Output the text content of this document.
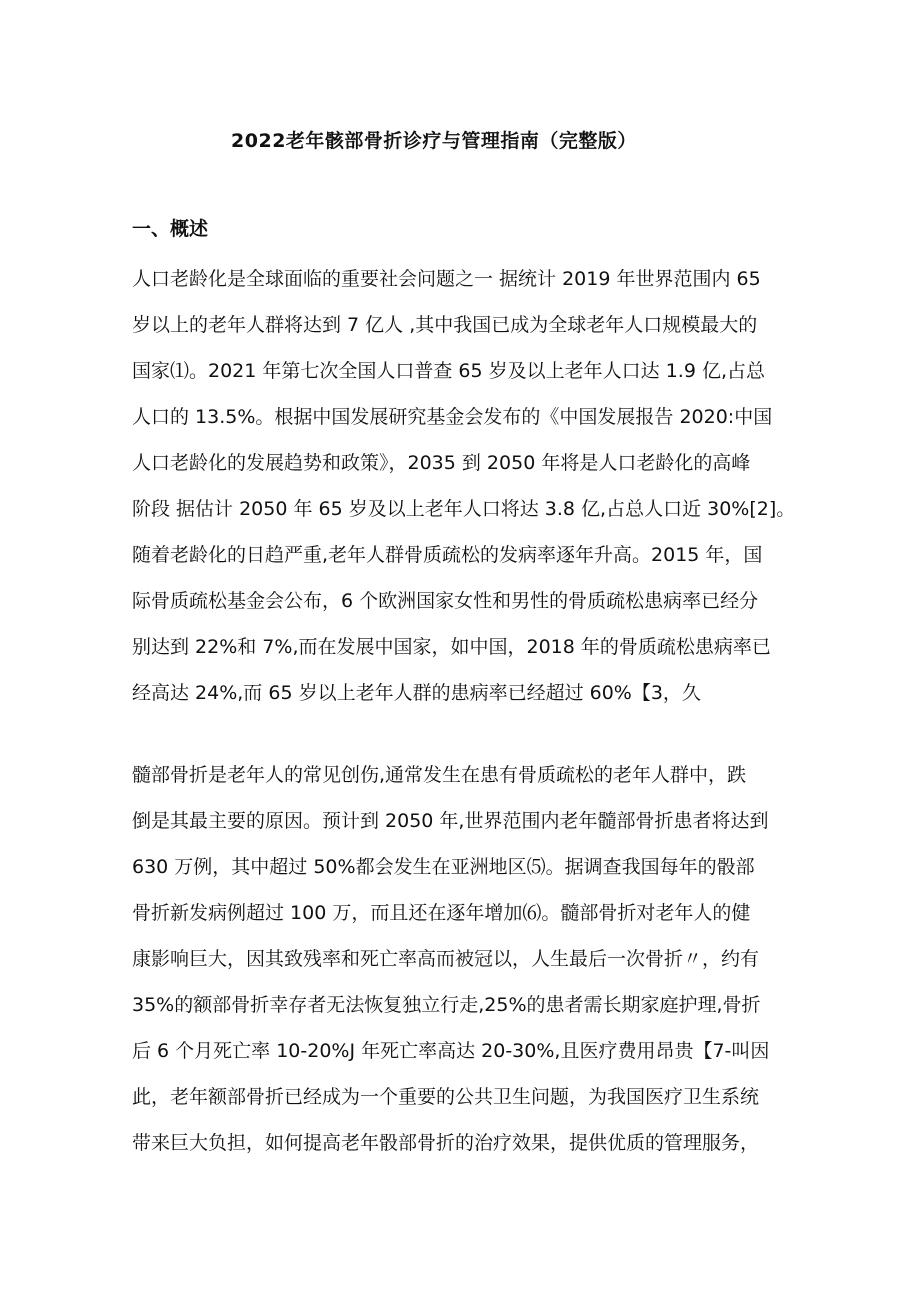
2022老年骸部骨折诊疗与管理指南（完整版）
一、概述
人口老龄化是全球面临的重要社会问题之一 据统计 2019 年世界范围内 65
岁以上的老年人群将达到 7 亿人 ,其中我国已成为全球老年人口规模最大的
国家⑴。2021 年第七次全国人口普查 65 岁及以上老年人口达 1.9 亿,占总
人口的 13.5%。根据中国发展研究基金会发布的《中国发展报告 2020:中国
人口老龄化的发展趋势和政策》，2035 到 2050 年将是人口老龄化的高峰
阶段 据估计 2050 年 65 岁及以上老年人口将达 3.8 亿,占总人口近 30%[2]。
随着老龄化的日趋严重,老年人群骨质疏松的发病率逐年升高。2015 年，国
际骨质疏松基金会公布，6 个欧洲国家女性和男性的骨质疏松患病率已经分
别达到 22%和 7%,而在发展中国家，如中国，2018 年的骨质疏松患病率已
经高达 24%,而 65 岁以上老年人群的患病率已经超过 60%【3，久
髓部骨折是老年人的常见创伤,通常发生在患有骨质疏松的老年人群中，跌
倒是其最主要的原因。预计到 2050 年,世界范围内老年髓部骨折患者将达到
630 万例，其中超过 50%都会发生在亚洲地区⑸。据调查我国每年的骰部
骨折新发病例超过 100 万，而且还在逐年增加⑹。髓部骨折对老年人的健
康影响巨大，因其致残率和死亡率高而被冠以，人生最后一次骨折〃，约有
35%的额部骨折幸存者无法恢复独立行走,25%的患者需长期家庭护理,骨折
后 6 个月死亡率 10-20%J 年死亡率高达 20-30%,且医疗费用昂贵【7-叫因
此，老年额部骨折已经成为一个重要的公共卫生问题，为我国医疗卫生系统
带来巨大负担，如何提高老年骰部骨折的治疗效果，提供优质的管理服务，
